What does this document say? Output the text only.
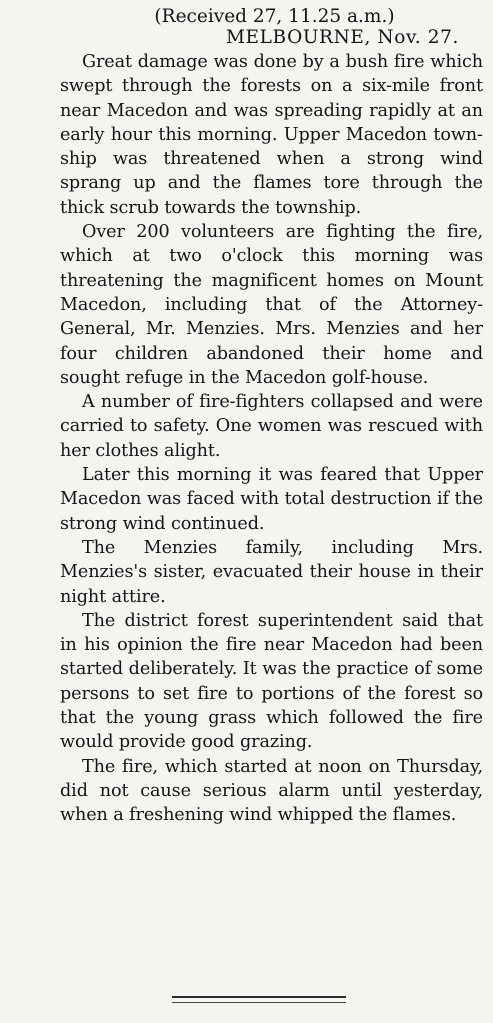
(Received 27, 11.25 a.m.)

MELBOURNE, Nov. 27.

Great damage was done by a bush fire which swept through the forests on a six-mile front near Macedon and was spreading rapidly at an early hour this morning. Upper Macedon township was threatened when a strong wind sprang up and the flames tore through the thick scrub towards the township.

Over 200 volunteers are fighting the fire, which at two o'clock this morning was threatening the magnificent homes on Mount Macedon, including that of the Attorney-General, Mr. Menzies. Mrs. Menzies and her four children abandoned their home and sought refuge in the Macedon golf-house.

A number of fire-fighters collapsed and were carried to safety. One women was rescued with her clothes alight.

Later this morning it was feared that Upper Macedon was faced with total destruction if the strong wind continued.

The Menzies family, including Mrs. Menzies's sister, evacuated their house in their night attire.

The district forest superintendent said that in his opinion the fire near Macedon had been started deliberately. It was the practice of some persons to set fire to portions of the forest so that the young grass which followed the fire would provide good grazing.

The fire, which started at noon on Thursday, did not cause serious alarm until yesterday, when a freshening wind whipped the flames.
